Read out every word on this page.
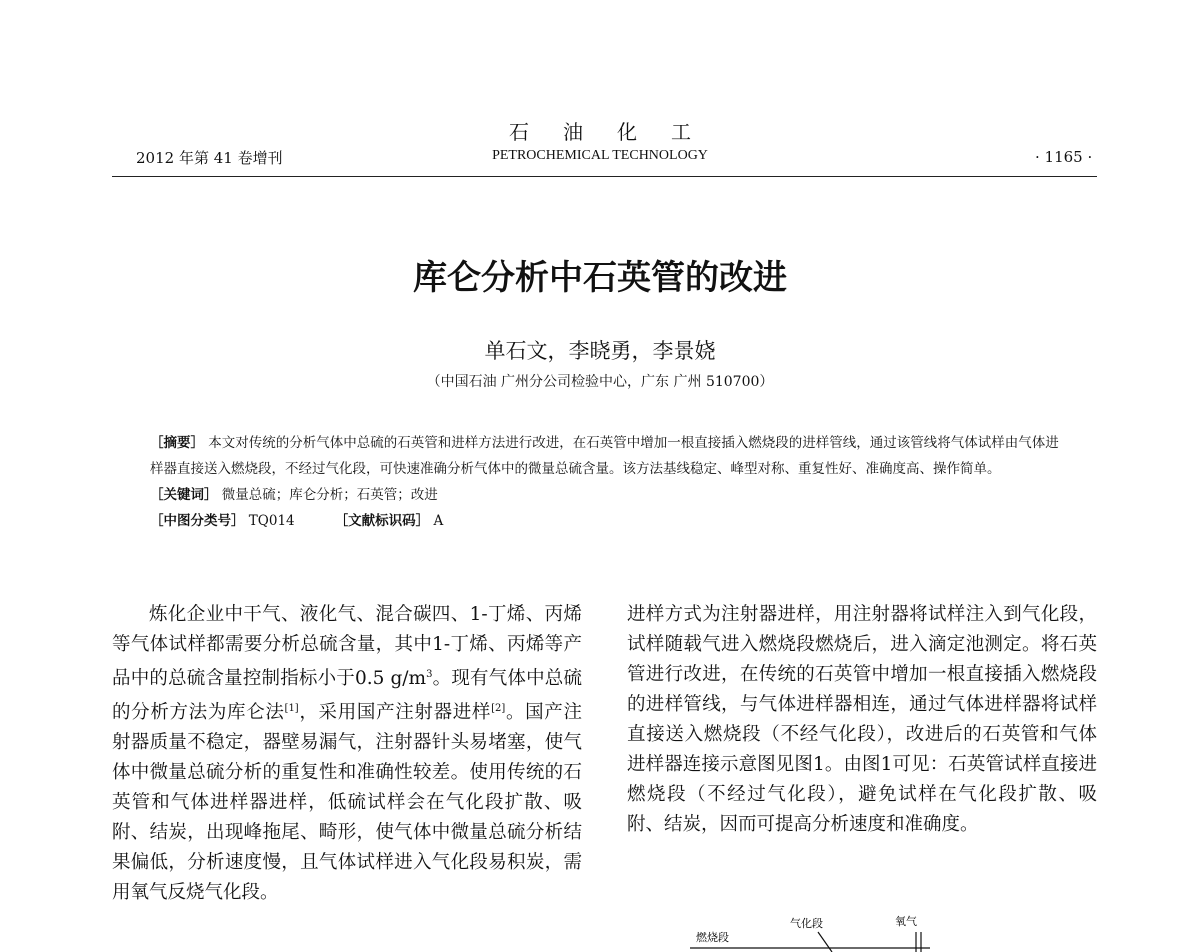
石油化工
2012 年第 41 卷增刊	PETROCHEMICAL TECHNOLOGY	· 1165 ·
库仑分析中石英管的改进
单石文，李晓勇，李景娆
（中国石油 广州分公司检验中心，广东 广州 510700）
［摘要］ 本文对传统的分析气体中总硫的石英管和进样方法进行改进，在石英管中增加一根直接插入燃烧段的进样管线，通过该管线将气体试样由气体进样器直接送入燃烧段，不经过气化段，可快速准确分析气体中的微量总硫含量。该方法基线稳定、峰型对称、重复性好、准确度高、操作简单。
［关键词］ 微量总硫；库仑分析；石英管；改进
［中图分类号］ TQ014	［文献标识码］ A
炼化企业中干气、液化气、混合碳四、1-丁烯、丙烯等气体试样都需要分析总硫含量，其中1-丁烯、丙烯等产品中的总硫含量控制指标小于0.5 $g/m^3$。现有气体中总硫的分析方法为库仑法[1]，采用国产注射器进样[2]。国产注射器质量不稳定，器壁易漏气，注射器针头易堵塞，使气体中微量总硫分析的重复性和准确性较差。使用传统的石英管和气体进样器进样，低硫试样会在气化段扩散、吸附、结炭，出现峰拖尾、畸形，使气体中微量总硫分析结果偏低，分析速度慢，且气体试样进入气化段易积炭，需用氧气反烧气化段。
进样方式为注射器进样，用注射器将试样注入到气化段，试样随载气进入燃烧段燃烧后，进入滴定池测定。将石英管进行改进，在传统的石英管中增加一根直接插入燃烧段的进样管线，与气体进样器相连，通过气体进样器将试样直接送入燃烧段（不经气化段），改进后的石英管和气体进样器连接示意图见图1。由图1可见：石英管试样直接进燃烧段（不经过气化段），避免试样在气化段扩散、吸附、结炭，因而可提高分析速度和准确度。
气化段	氧气
燃烧段
